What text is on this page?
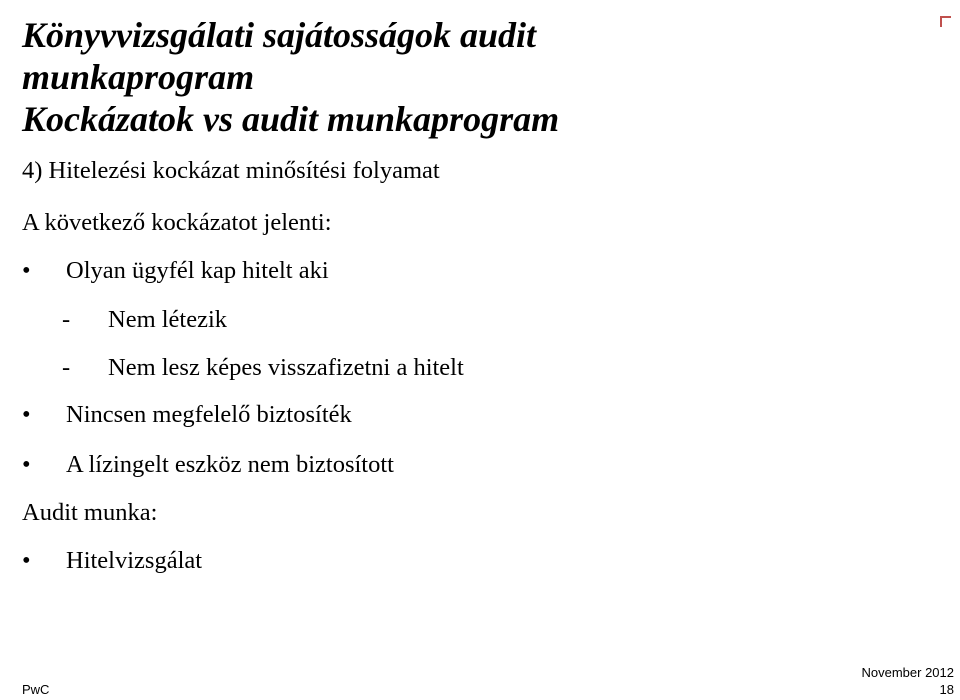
Könyvvizsgálati sajátosságok audit
munkaprogram
Kockázatok vs audit munkaprogram
4) Hitelezési kockázat minősítési folyamat
A következő kockázatot jelenti:
•	Olyan ügyfél kap hitelt aki
- Nem létezik
- Nem lesz képes visszafizetni a hitelt
•	Nincsen megfelelő biztosíték
•	A lízingelt eszköz nem biztosított
Audit munka:
•	Hitelvizsgálat
PwC
November 2012
18
